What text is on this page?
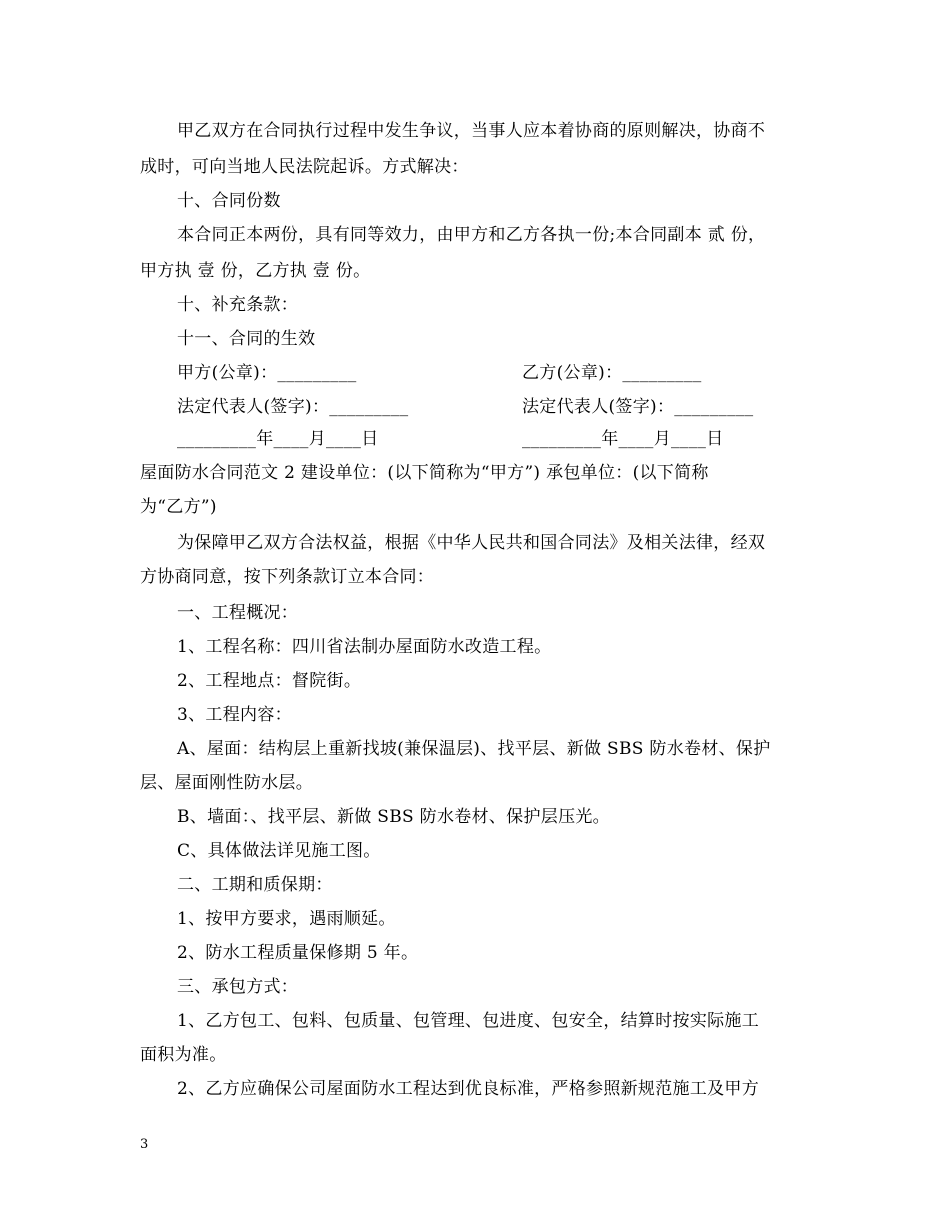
甲乙双方在合同执行过程中发生争议，当事人应本着协商的原则解决，协商不
成时，可向当地人民法院起诉。方式解决：
十、合同份数
本合同正本两份，具有同等效力，由甲方和乙方各执一份;本合同副本 贰 份，
甲方执 壹 份，乙方执 壹 份。
十、补充条款：
十一、合同的生效
甲方(公章)：_________	乙方(公章)：_________
法定代表人(签字)：_________	法定代表人(签字)：_________
_________年____月____日	_________年____月____日
屋面防水合同范文 2 建设单位：(以下简称为“甲方”) 承包单位：(以下简称
为“乙方”)
为保障甲乙双方合法权益，根据《中华人民共和国合同法》及相关法律，经双
方协商同意，按下列条款订立本合同：
一、工程概况：
1、工程名称：四川省法制办屋面防水改造工程。
2、工程地点：督院街。
3、工程内容：
A、屋面：结构层上重新找坡(兼保温层)、找平层、新做 SBS 防水卷材、保护
层、屋面刚性防水层。
B、墙面：、找平层、新做 SBS 防水卷材、保护层压光。
C、具体做法详见施工图。
二、工期和质保期：
1、按甲方要求，遇雨顺延。
2、防水工程质量保修期 5 年。
三、承包方式：
1、乙方包工、包料、包质量、包管理、包进度、包安全，结算时按实际施工
面积为准。
2、乙方应确保公司屋面防水工程达到优良标准，严格参照新规范施工及甲方
3
